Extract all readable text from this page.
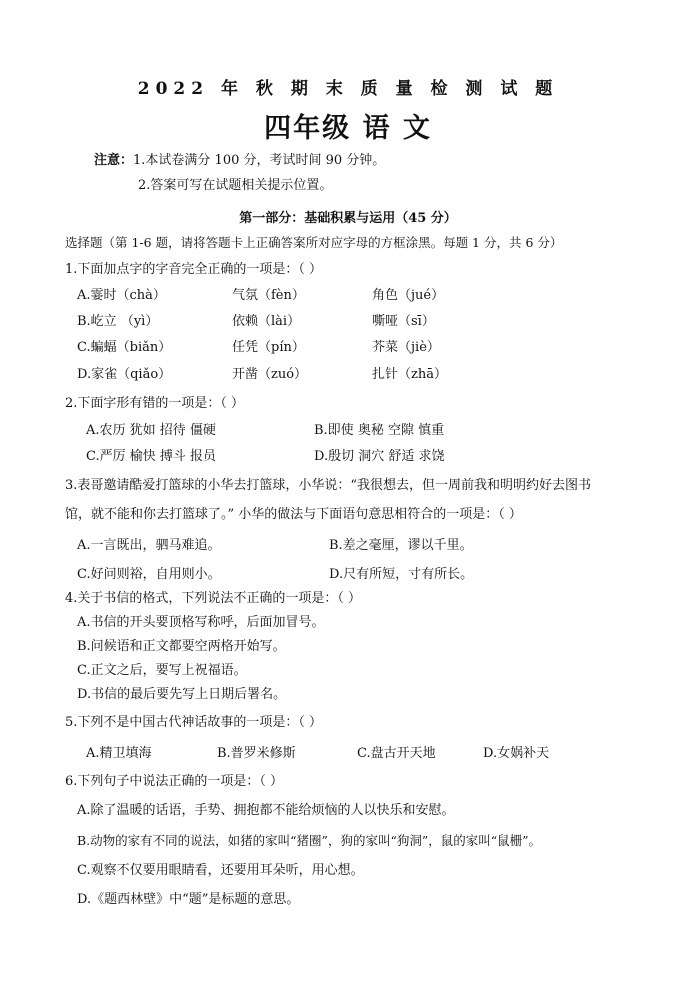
2022 年 秋 期 末 质 量 检 测 试 题
四年级 语 文
注意：1.本试卷满分 100 分，考试时间 90 分钟。
2.答案可写在试题相关提示位置。
第一部分：基础积累与运用（45 分）
选择题（第 1-6 题，请将答题卡上正确答案所对应字母的方框涂黑。每题 1 分，共 6 分）
1.下面加点字的字音完全正确的一项是：（ ）
A.霎时（chà）	气氛（fèn）	角色（jué）
B.屹立 （yì）	依赖（lài）	嘶哑（sī）
C.蝙蝠（biǎn）	任凭（pín）	芥菜（jiè）
D.家雀（qiǎo）	开凿（zuó）	扎针（zhā）
2.下面字形有错的一项是：（ ）
A.农历 犹如 招待 僵硬	B.即使 奥秘 空隙 慎重
C.严厉 榆快 搏斗 报员	D.殷切 洞穴 舒适 求饶
3.表哥邀请酷爱打篮球的小华去打篮球，小华说：“我很想去，但一周前我和明明约好去图书
馆，就不能和你去打篮球了。” 小华的做法与下面语句意思相符合的一项是：（ ）
A.一言既出，驷马难追。	B.差之毫厘，谬以千里。
C.好问则裕，自用则小。	D.尺有所短，寸有所长。
4.关于书信的格式，下列说法不正确的一项是：（ ）
A.书信的开头要顶格写称呼，后面加冒号。
B.问候语和正文都要空两格开始写。
C.正文之后，要写上祝福语。
D.书信的最后要先写上日期后署名。
5.下列不是中国古代神话故事的一项是：（ ）
A.精卫填海	B.普罗米修斯	C.盘古开天地	D.女娲补天
6.下列句子中说法正确的一项是：（ ）
A.除了温暖的话语，手势、拥抱都不能给烦恼的人以快乐和安慰。
B.动物的家有不同的说法，如猪的家叫“猪圈”，狗的家叫“狗洞”，鼠的家叫“鼠栅”。
C.观察不仅要用眼睛看，还要用耳朵听，用心想。
D.《题西林壁》中“题”是标题的意思。
